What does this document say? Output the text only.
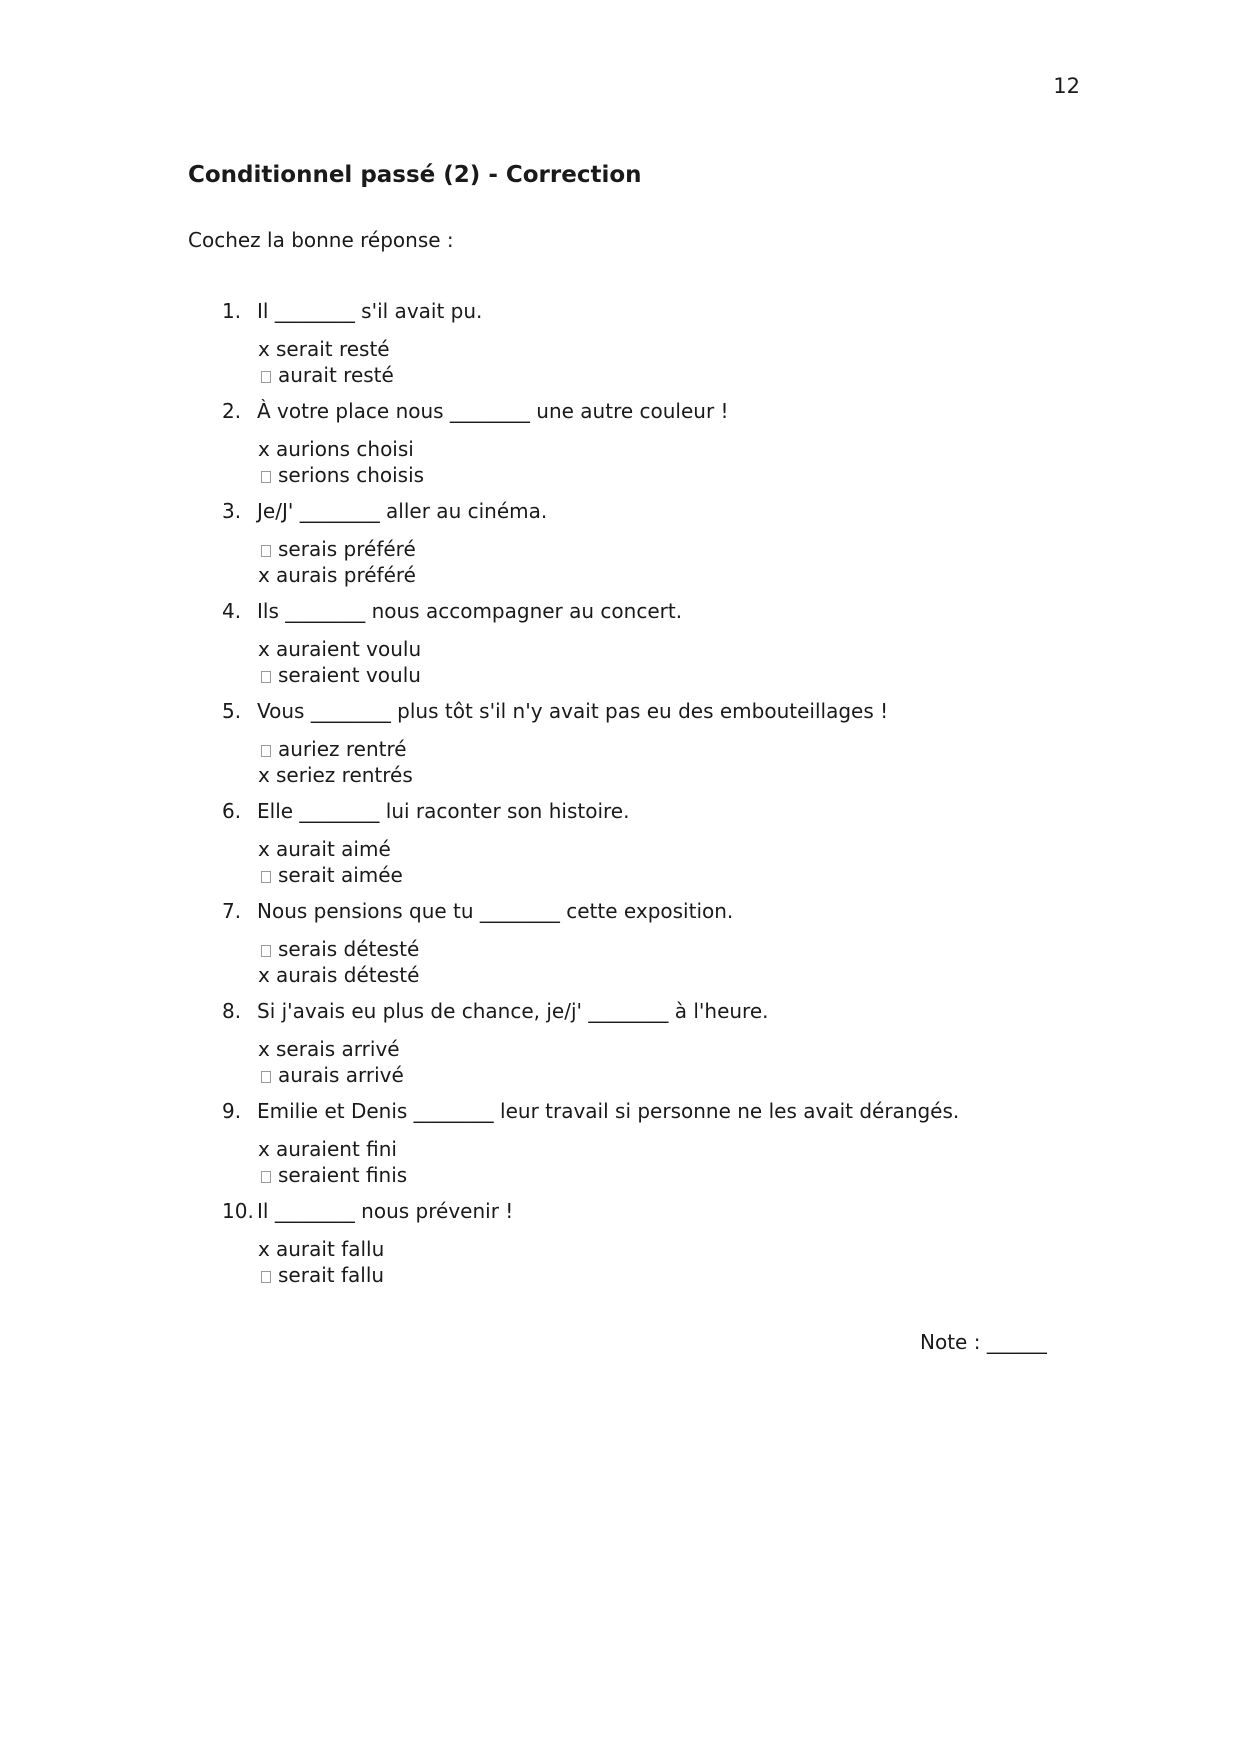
12
Conditionnel passé (2) - Correction
Cochez la bonne réponse :
1. Il ________ s'il avait pu.
x serait resté
aurait resté
2. À votre place nous ________ une autre couleur !
x aurions choisi
serions choisis
3. Je/J' ________ aller au cinéma.
serais préféré
x aurais préféré
4. Ils ________ nous accompagner au concert.
x auraient voulu
seraient voulu
5. Vous ________ plus tôt s'il n'y avait pas eu des embouteillages !
auriez rentré
x seriez rentrés
6. Elle ________ lui raconter son histoire.
x aurait aimé
serait aimée
7. Nous pensions que tu ________ cette exposition.
serais détesté
x aurais détesté
8. Si j'avais eu plus de chance, je/j' ________ à l'heure.
x serais arrivé
aurais arrivé
9. Emilie et Denis ________ leur travail si personne ne les avait dérangés.
x auraient fini
seraient finis
10. Il ________ nous prévenir !
x aurait fallu
serait fallu
Note : ______
